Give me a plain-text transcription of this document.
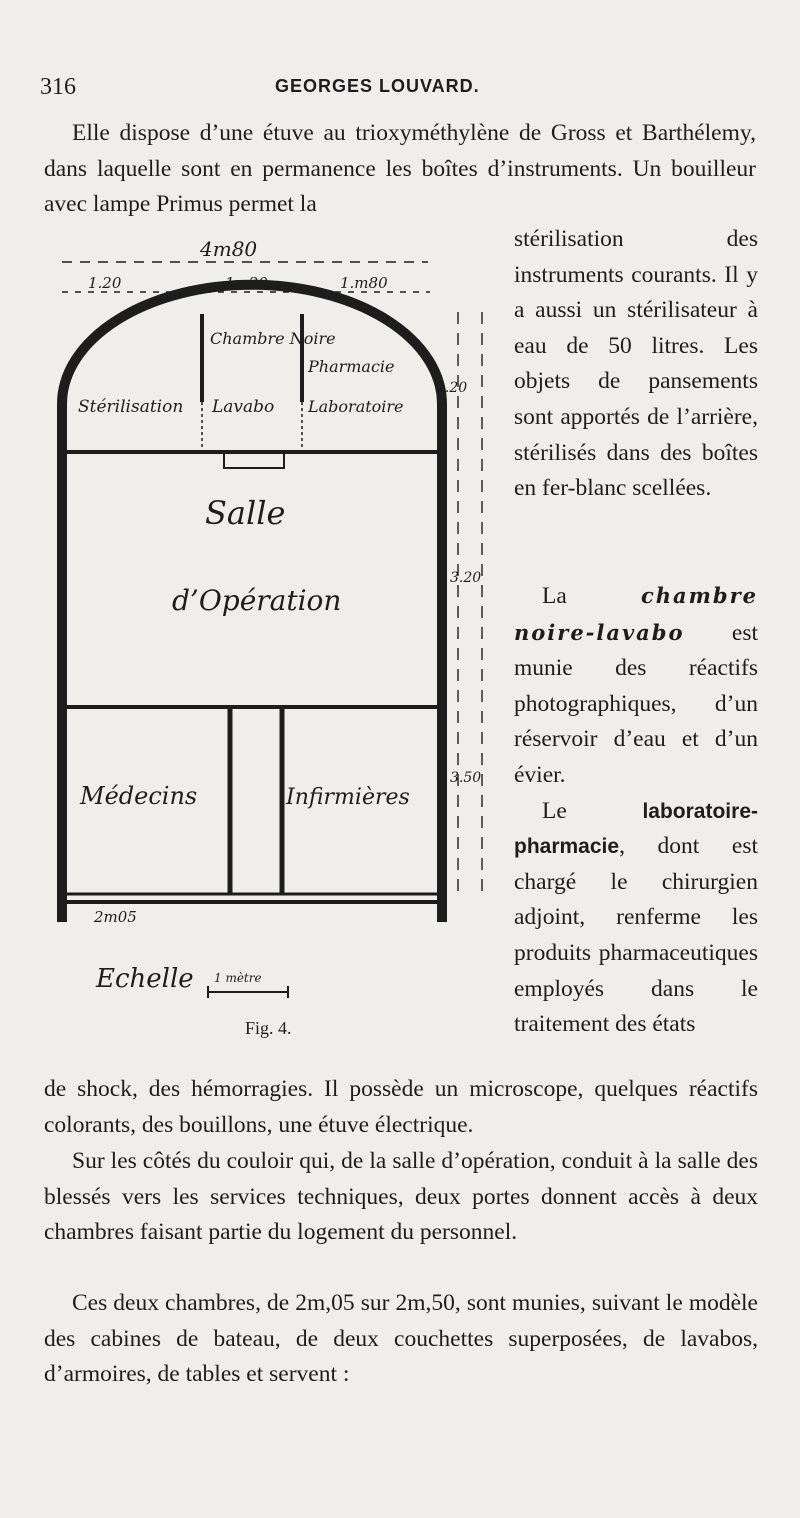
316	GEORGES LOUVARD.

Elle dispose d’une étuve au trioxyméthylène de Gross et Barthélemy, dans laquelle sont en permanence les boîtes d’instruments. Un bouilleur avec lampe Primus permet la

4m80
1.20	1m20	1.m80
1.20
3.20
3.50
2m05
Stérilisation
Chambre Noire
Lavabo
Pharmacie
Laboratoire
Salle
d’Opération
Médecins	Infirmières
Echelle 1 mètre
Fig. 4.

stérilisation des instruments courants. Il y a aussi un stérilisateur à eau de 50 litres. Les objets de pansements sont apportés de l’arrière, stérilisés dans des boîtes en fer-blanc scellées.

La chambre noire-lavabo est munie des réactifs photographiques, d’un réservoir d’eau et d’un évier.

Le laboratoire-pharmacie, dont est chargé le chirurgien adjoint, renferme les produits pharmaceutiques employés dans le traitement des états

de shock, des hémorragies. Il possède un microscope, quelques réactifs colorants, des bouillons, une étuve électrique.

Sur les côtés du couloir qui, de la salle d’opération, conduit à la salle des blessés vers les services techniques, deux portes donnent accès à deux chambres faisant partie du logement du personnel.

Ces deux chambres, de 2m,05 sur 2m,50, sont munies, suivant le modèle des cabines de bateau, de deux couchettes superposées, de lavabos, d’armoires, de tables et servent :
